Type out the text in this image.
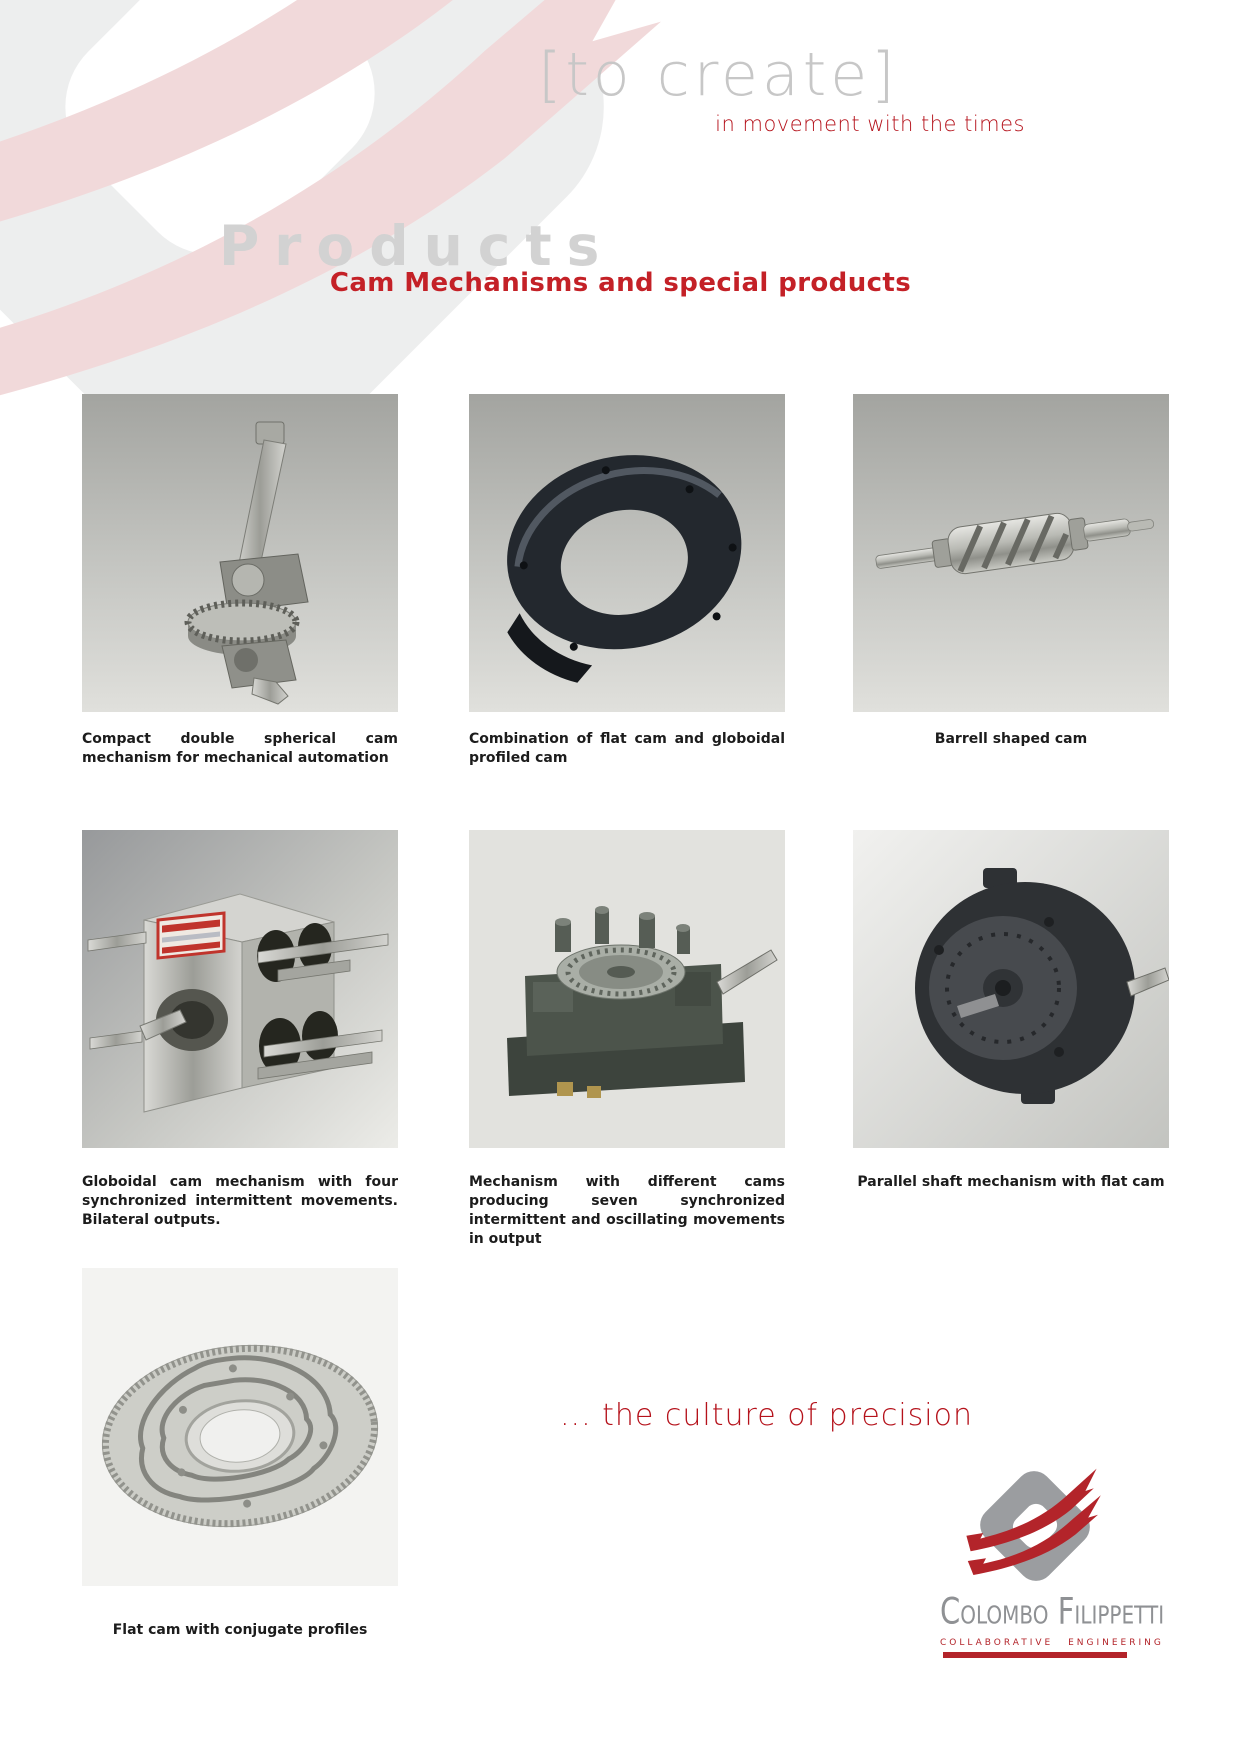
[to create]
in movement with the times
Products
Cam Mechanisms and special products
Compact double spherical cam mechanism for mechanical automation
Combination of flat cam and globoidal profiled cam
Barrell shaped cam
Globoidal cam mechanism with four synchronized intermittent movements. Bilateral outputs.
Mechanism with different cams producing seven synchronized intermittent and oscillating movements in output
Parallel shaft mechanism with flat cam
Flat cam with conjugate profiles
... the culture of precision
Colombo Filippetti
COLLABORATIVE ENGINEERING
